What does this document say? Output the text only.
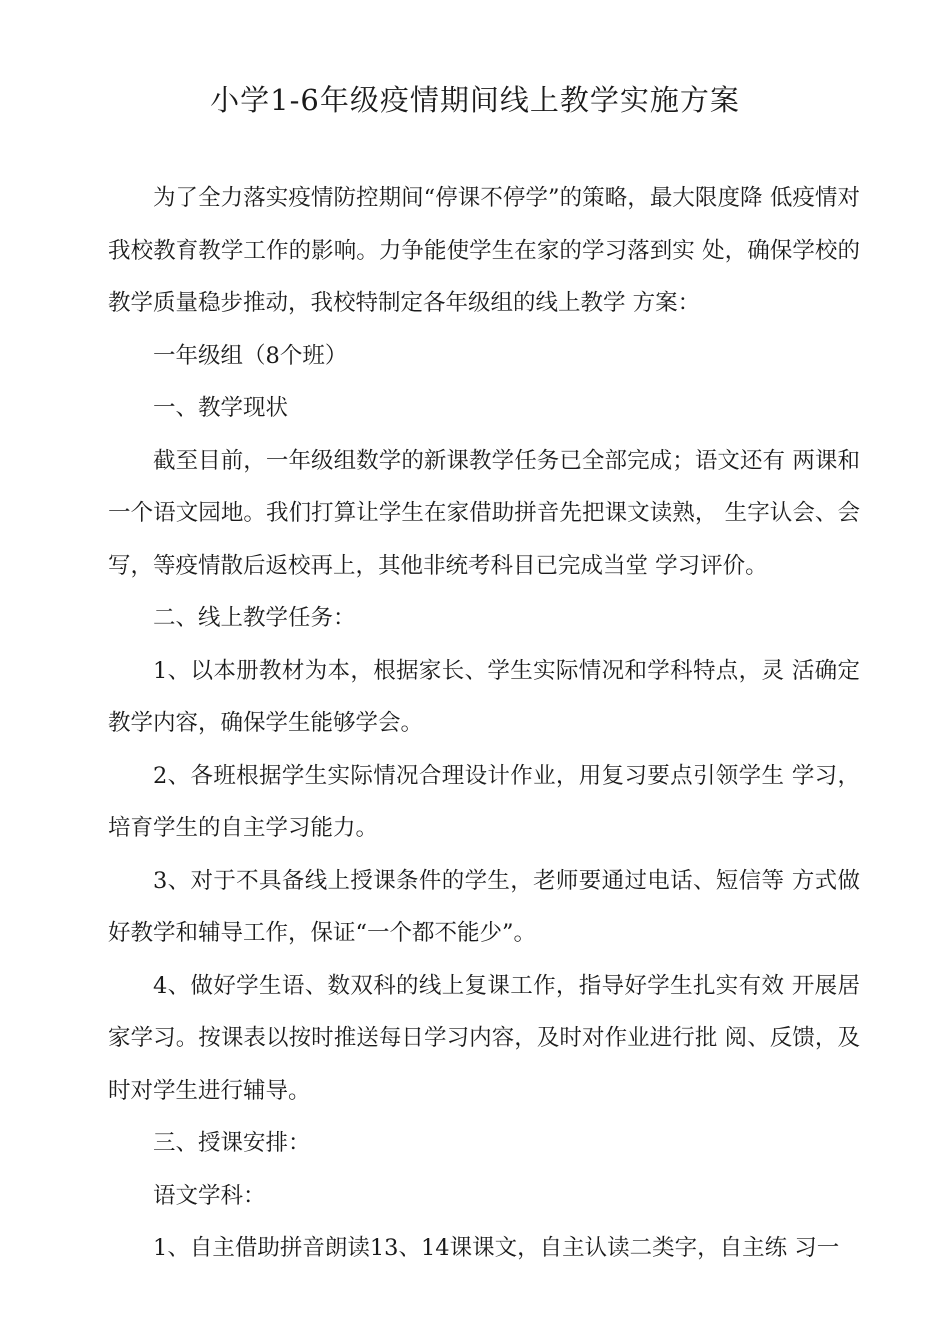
小学1-6年级疫情期间线上教学实施方案

为了全力落实疫情防控期间“停课不停学”的策略，最大限度降 低疫情对我校教育教学工作的影响。力争能使学生在家的学习落到实 处，确保学校的教学质量稳步推动，我校特制定各年级组的线上教学 方案：

一年级组（8个班）

一、教学现状

截至目前，一年级组数学的新课教学任务已全部完成；语文还有 两课和一个语文园地。我们打算让学生在家借助拼音先把课文读熟， 生字认会、会写，等疫情散后返校再上，其他非统考科目已完成当堂 学习评价。

二、线上教学任务：

1、以本册教材为本，根据家长、学生实际情况和学科特点，灵 活确定教学内容，确保学生能够学会。

2、各班根据学生实际情况合理设计作业，用复习要点引领学生 学习，培育学生的自主学习能力。

3、对于不具备线上授课条件的学生，老师要通过电话、短信等 方式做好教学和辅导工作，保证“一个都不能少”。

4、做好学生语、数双科的线上复课工作，指导好学生扎实有效 开展居家学习。按课表以按时推送每日学习内容，及时对作业进行批 阅、反馈，及时对学生进行辅导。

三、授课安排：

语文学科：

1、自主借助拼音朗读13、14课课文，自主认读二类字，自主练 习一
